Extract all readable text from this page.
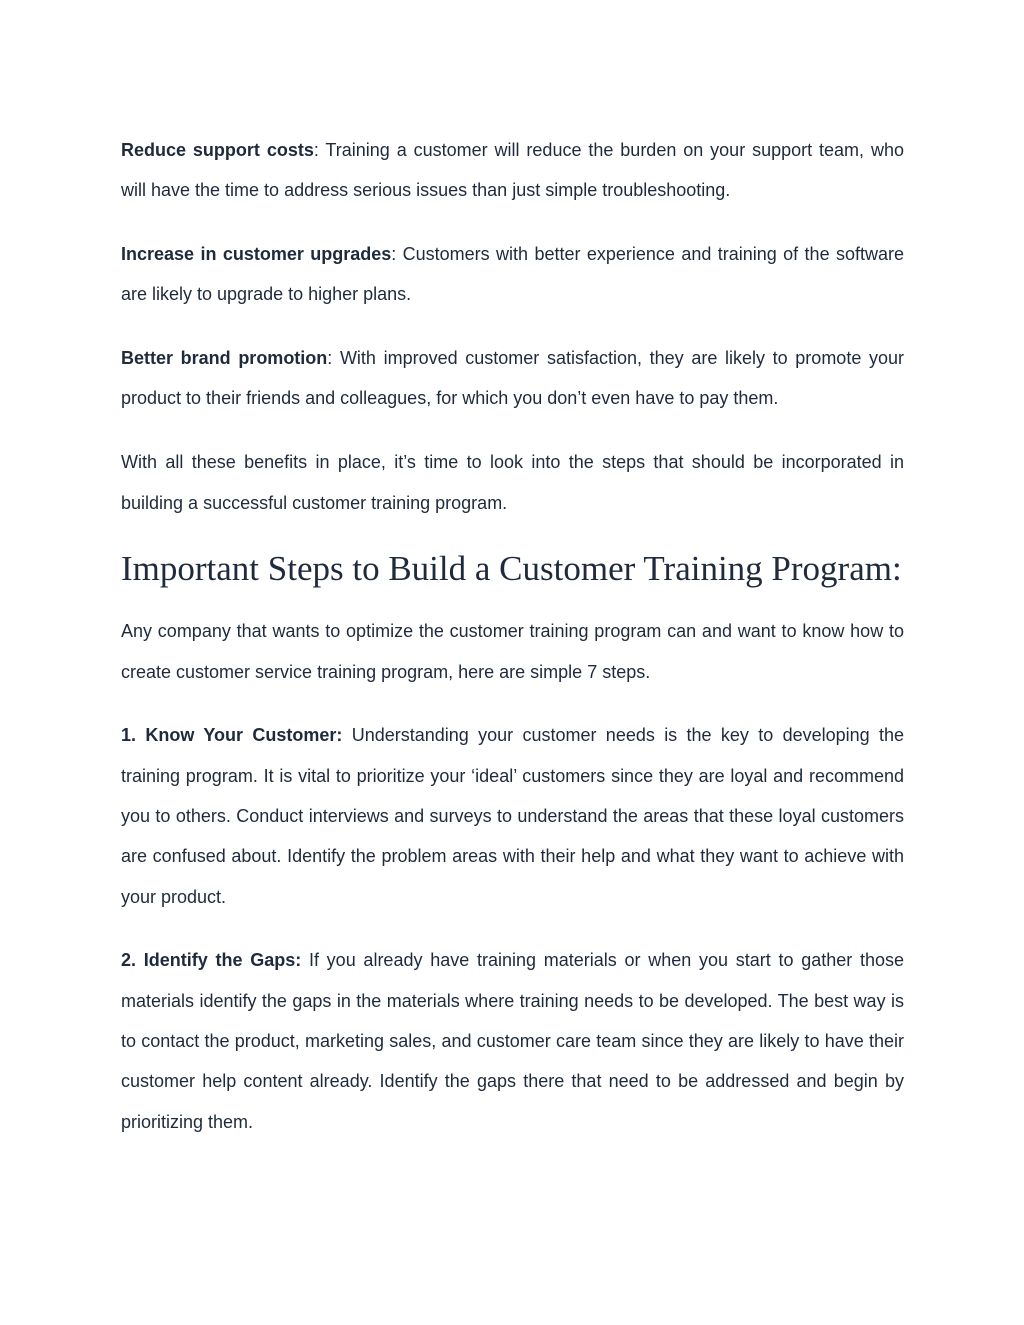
Reduce support costs: Training a customer will reduce the burden on your support team, who will have the time to address serious issues than just simple troubleshooting.

Increase in customer upgrades: Customers with better experience and training of the software are likely to upgrade to higher plans.

Better brand promotion: With improved customer satisfaction, they are likely to promote your product to their friends and colleagues, for which you don’t even have to pay them.

With all these benefits in place, it’s time to look into the steps that should be incorporated in building a successful customer training program.

Important Steps to Build a Customer Training Program:

Any company that wants to optimize the customer training program can and want to know how to create customer service training program, here are simple 7 steps.

1. Know Your Customer: Understanding your customer needs is the key to developing the training program. It is vital to prioritize your ‘ideal’ customers since they are loyal and recommend you to others. Conduct interviews and surveys to understand the areas that these loyal customers are confused about. Identify the problem areas with their help and what they want to achieve with your product.

2. Identify the Gaps: If you already have training materials or when you start to gather those materials identify the gaps in the materials where training needs to be developed. The best way is to contact the product, marketing sales, and customer care team since they are likely to have their customer help content already. Identify the gaps there that need to be addressed and begin by prioritizing them.
